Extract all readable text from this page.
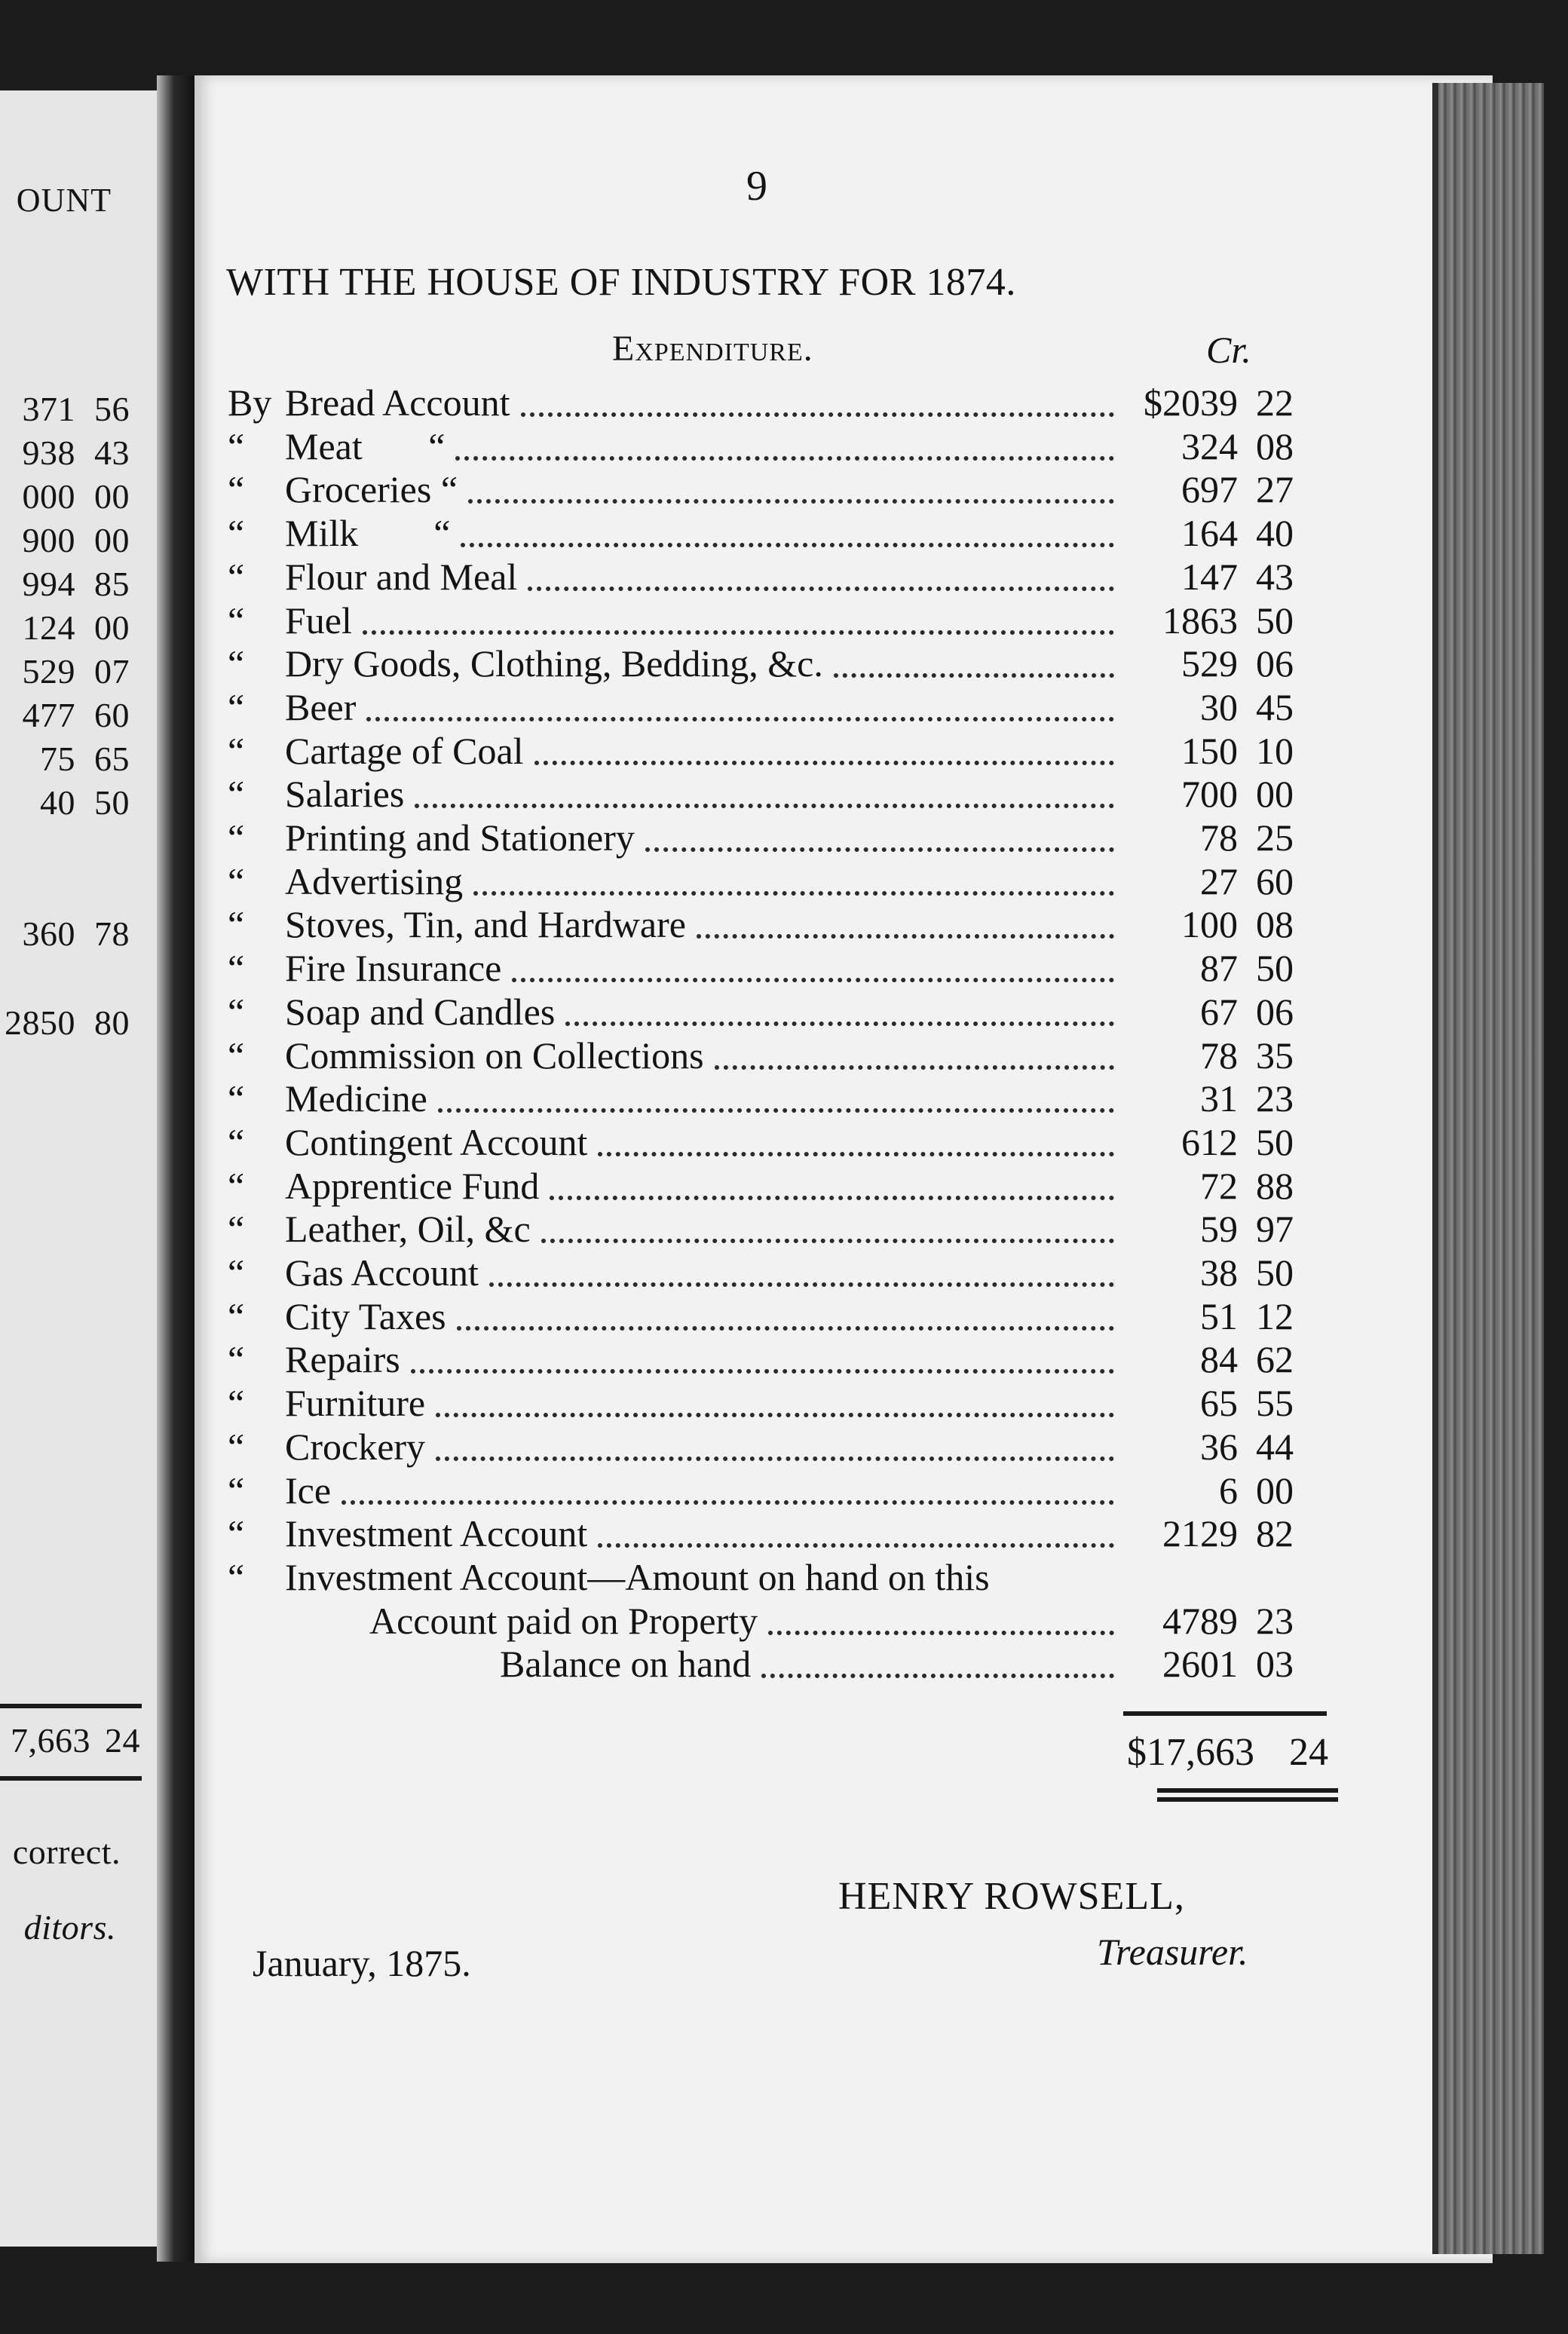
OUNT
371 56
938 43
000 00
900 00
994 85
124 00
529 07
477 60
75 65
40 50
360 78
2850 80
7,663 24
correct.
ditors.
9
WITH THE HOUSE OF INDUSTRY FOR 1874.
Expenditure.	Cr.
By Bread Account	$2039 22
“ Meat       “	324 08
“ Groceries “	697 27
“ Milk        “	164 40
“ Flour and Meal	147 43
“ Fuel	1863 50
“ Dry Goods, Clothing, Bedding, &c.	529 06
“ Beer	30 45
“ Cartage of Coal	150 10
“ Salaries	700 00
“ Printing and Stationery	78 25
“ Advertising	27 60
“ Stoves, Tin, and Hardware	100 08
“ Fire Insurance	87 50
“ Soap and Candles	67 06
“ Commission on Collections	78 35
“ Medicine	31 23
“ Contingent Account	612 50
“ Apprentice Fund	72 88
“ Leather, Oil, &c	59 97
“ Gas Account	38 50
“ City Taxes	51 12
“ Repairs	84 62
“ Furniture	65 55
“ Crockery	36 44
“ Ice	6 00
“ Investment Account	2129 82
“ Investment Account—Amount on hand on this
Account paid on Property	4789 23
Balance on hand	2601 03
$17,663 24
HENRY ROWSELL,
Treasurer.
January, 1875.
